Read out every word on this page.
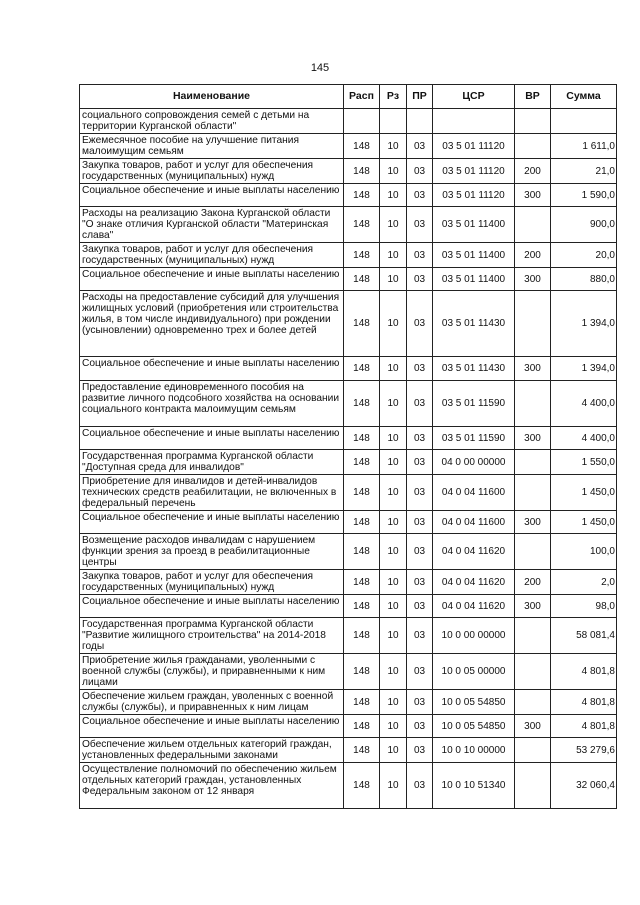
145
Наименование	Расп	Рз	ПР	ЦСР	ВР	Сумма
социального сопровождения семей с детьми на территории Курганской области"						
Ежемесячное пособие на улучшение питания малоимущим семьям	148	10	03	03 5 01 11120		1 611,0
Закупка товаров, работ и услуг для обеспечения государственных (муниципальных) нужд	148	10	03	03 5 01 11120	200	21,0
Социальное обеспечение и иные выплаты населению	148	10	03	03 5 01 11120	300	1 590,0
Расходы на реализацию Закона Курганской области "О знаке отличия Курганской области "Материнская слава"	148	10	03	03 5 01 11400		900,0
Закупка товаров, работ и услуг для обеспечения государственных (муниципальных) нужд	148	10	03	03 5 01 11400	200	20,0
Социальное обеспечение и иные выплаты населению	148	10	03	03 5 01 11400	300	880,0
Расходы на предоставление субсидий для улучшения жилищных условий (приобретения или строительства жилья, в том числе индивидуального) при рождении (усыновлении) одновременно трех и более детей	148	10	03	03 5 01 11430		1 394,0
Социальное обеспечение и иные выплаты населению	148	10	03	03 5 01 11430	300	1 394,0
Предоставление единовременного пособия на развитие личного подсобного хозяйства на основании социального контракта малоимущим семьям	148	10	03	03 5 01 11590		4 400,0
Социальное обеспечение и иные выплаты населению	148	10	03	03 5 01 11590	300	4 400,0
Государственная программа Курганской области "Доступная среда для инвалидов"	148	10	03	04 0 00 00000		1 550,0
Приобретение для инвалидов и детей-инвалидов технических средств реабилитации, не включенных в федеральный перечень	148	10	03	04 0 04 11600		1 450,0
Социальное обеспечение и иные выплаты населению	148	10	03	04 0 04 11600	300	1 450,0
Возмещение расходов инвалидам с нарушением функции зрения за проезд в реабилитационные центры	148	10	03	04 0 04 11620		100,0
Закупка товаров, работ и услуг для обеспечения государственных (муниципальных) нужд	148	10	03	04 0 04 11620	200	2,0
Социальное обеспечение и иные выплаты населению	148	10	03	04 0 04 11620	300	98,0
Государственная программа Курганской области "Развитие жилищного строительства" на 2014-2018 годы	148	10	03	10 0 00 00000		58 081,4
Приобретение жилья гражданами, уволенными с военной службы (службы), и приравненными к ним лицами	148	10	03	10 0 05 00000		4 801,8
Обеспечение жильем граждан, уволенных с военной службы (службы), и приравненных к ним лицам	148	10	03	10 0 05 54850		4 801,8
Социальное обеспечение и иные выплаты населению	148	10	03	10 0 05 54850	300	4 801,8
Обеспечение жильем отдельных категорий граждан, установленных федеральными законами	148	10	03	10 0 10 00000		53 279,6
Осуществление полномочий по обеспечению жильем отдельных категорий граждан, установленных Федеральным законом от 12 января	148	10	03	10 0 10 51340		32 060,4
